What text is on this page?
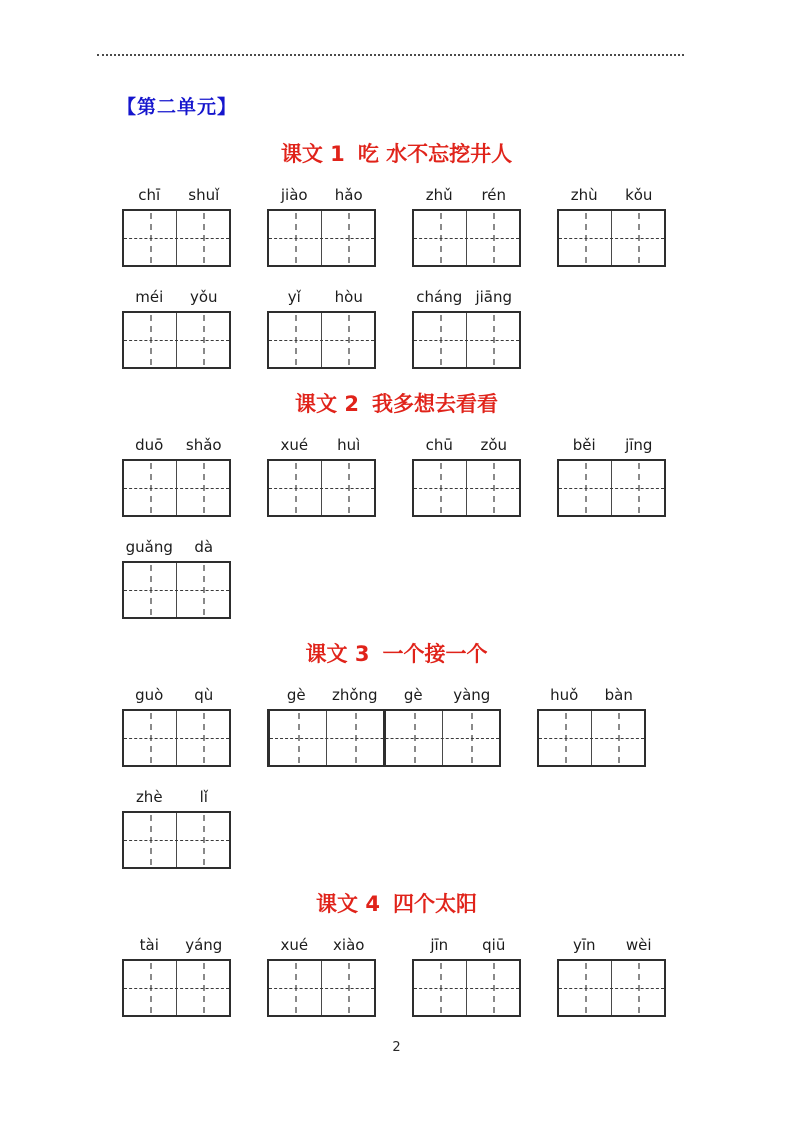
【第二单元】
课文 1 吃 水不忘挖井人
chī	shuǐ	jiào	hǎo	zhǔ	rén	zhù	kǒu
méi	yǒu	yǐ	hòu	cháng jiāng
课文 2 我多想去看看
duō	shǎo	xué	huì	chū	zǒu	běi	jīng
guǎng	dà
课文 3 一个接一个
guò	qù	gè	zhǒng	gè	yàng	huǒ	bàn
zhè	lǐ
课文 4 四个太阳
tài	yáng	xué	xiào	jīn	qiū	yīn	wèi
2
